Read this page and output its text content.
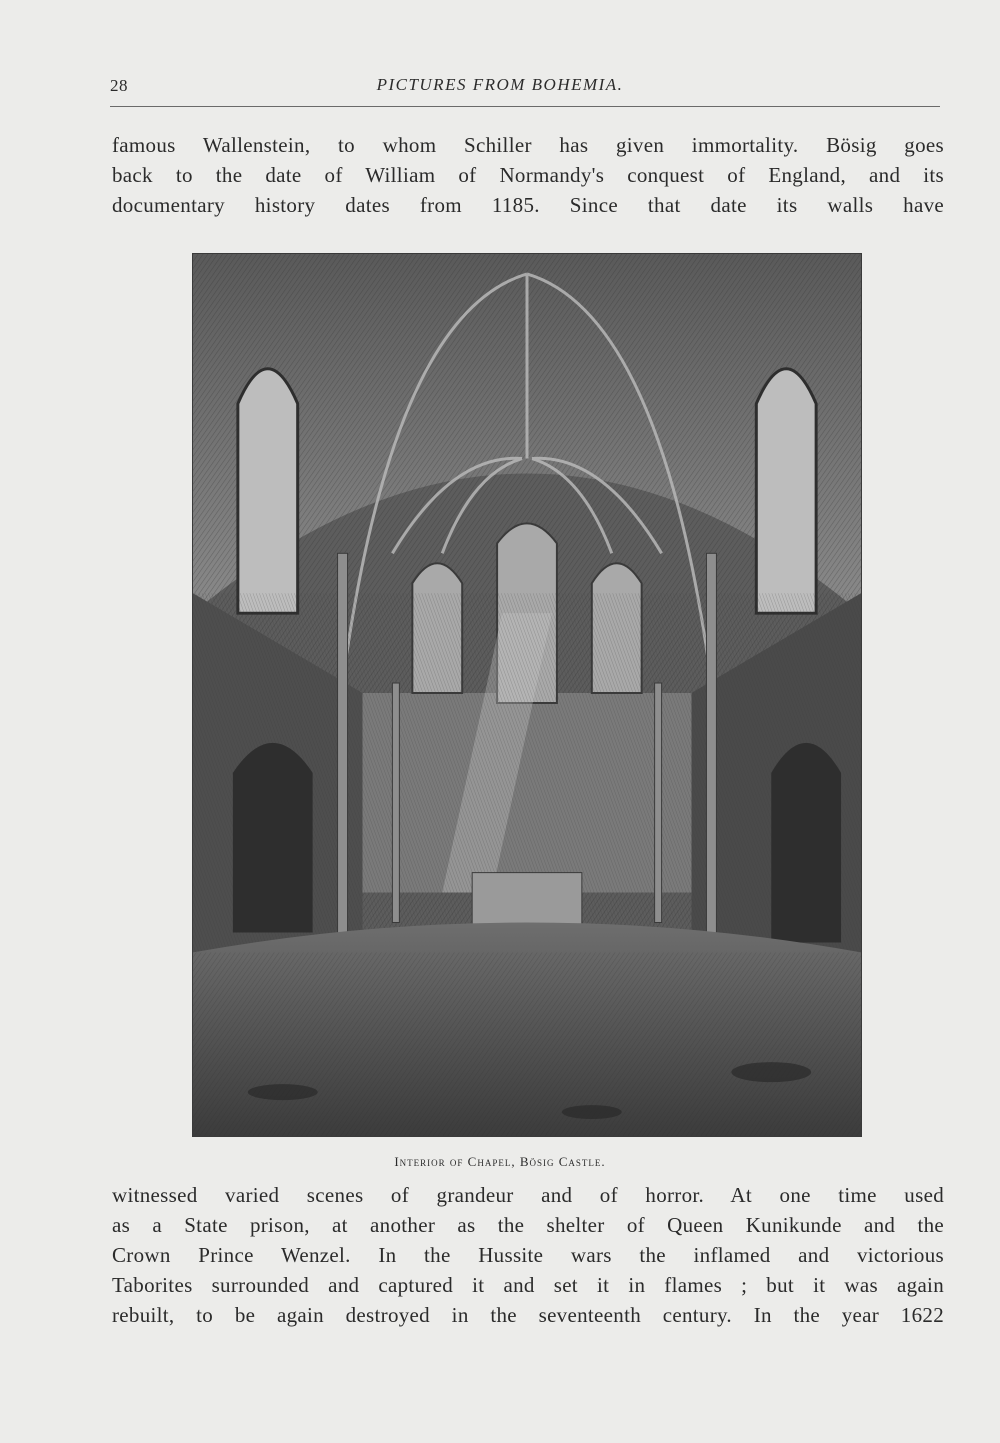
28	PICTURES FROM BOHEMIA.
famous Wallenstein, to whom Schiller has given immortality. Bösig goes
back to the date of William of Normandy's conquest of England, and its
documentary history dates from 1185. Since that date its walls have
Interior of Chapel, Bösig Castle.
witnessed varied scenes of grandeur and of horror. At one time used
as a State prison, at another as the shelter of Queen Kunikunde and the
Crown Prince Wenzel. In the Hussite wars the inflamed and victorious
Taborites surrounded and captured it and set it in flames ; but it was again
rebuilt, to be again destroyed in the seventeenth century. In the year 1622
